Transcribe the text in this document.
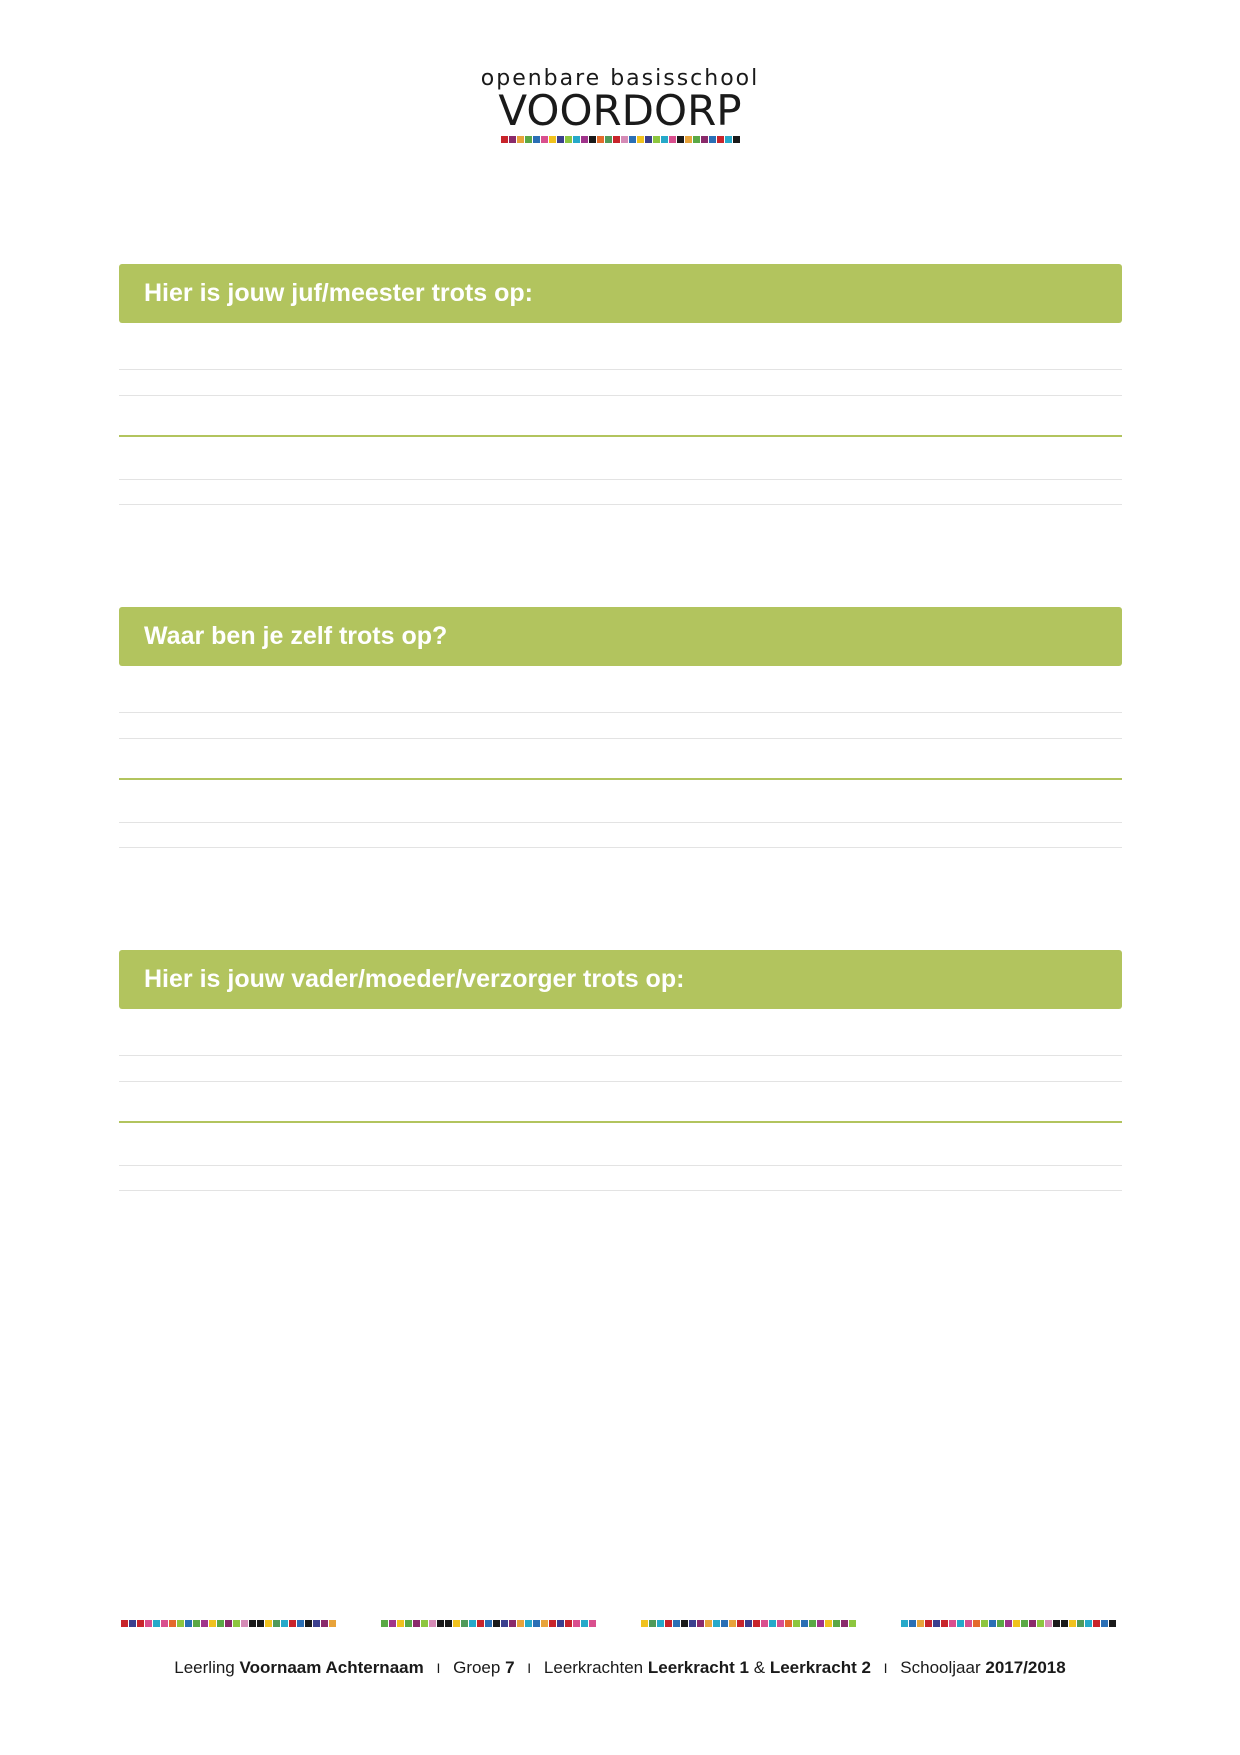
openbare basisschool
VOORDORP
Hier is jouw juf/meester trots op:
Waar ben je zelf trots op?
Hier is jouw vader/moeder/verzorger trots op:
Leerling Voornaam Achternaam I Groep 7 I Leerkrachten Leerkracht 1 & Leerkracht 2 I Schooljaar 2017/2018
